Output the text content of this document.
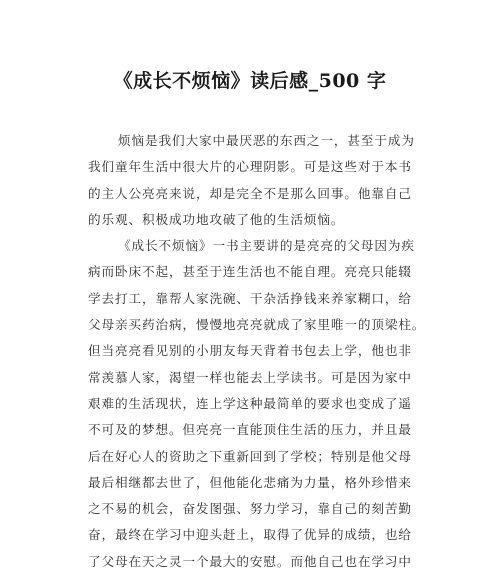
《成长不烦恼》读后感_500 字
烦恼是我们大家中最厌恶的东西之一，甚至于成为
我们童年生活中很大片的心理阴影。可是这些对于本书
的主人公亮亮来说，却是完全不是那么回事。他靠自己
的乐观、积极成功地攻破了他的生活烦恼。
《成长不烦恼》一书主要讲的是亮亮的父母因为疾
病而卧床不起，甚至于连生活也不能自理。亮亮只能辍
学去打工，靠帮人家洗碗、干杂活挣钱来养家糊口，给
父母亲买药治病，慢慢地亮亮就成了家里唯一的顶梁柱。
但当亮亮看见别的小朋友每天背着书包去上学，他也非
常羡慕人家，渴望一样也能去上学读书。可是因为家中
艰难的生活现状，连上学这种最简单的要求也变成了遥
不可及的梦想。但亮亮一直能顶住生活的压力，并且最
后在好心人的资助之下重新回到了学校；特别是他父母
最后相继都去世了，但他能化悲痛为力量，格外珍惜来
之不易的机会，奋发图强、努力学习，靠自己的刻苦勤
奋，最终在学习中迎头赶上，取得了优异的成绩，也给
了父母在天之灵一个最大的安慰。而他自己也在学习中
